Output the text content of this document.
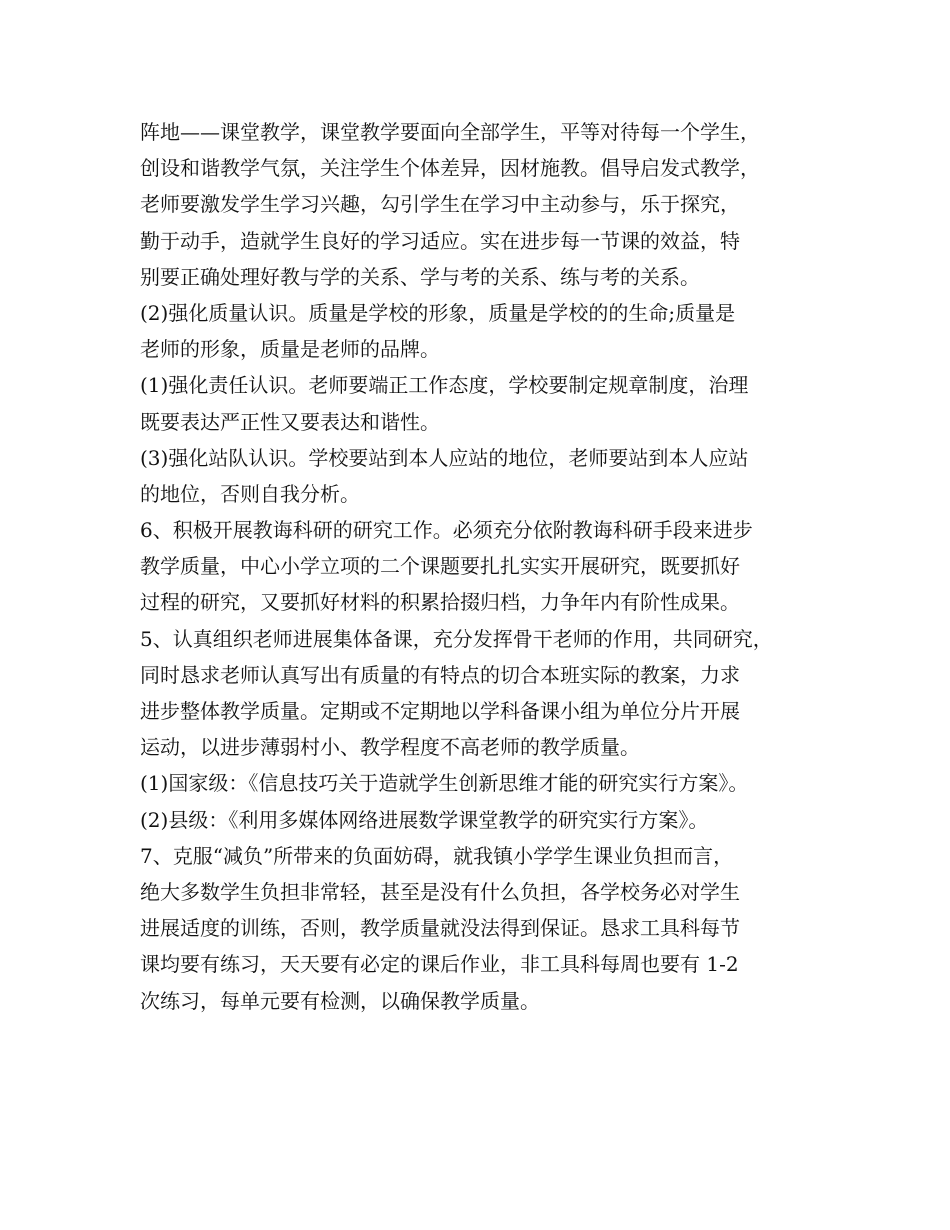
阵地——课堂教学，课堂教学要面向全部学生，平等对待每一个学生，
创设和谐教学气氛，关注学生个体差异，因材施教。倡导启发式教学，
老师要激发学生学习兴趣，勾引学生在学习中主动参与，乐于探究，
勤于动手，造就学生良好的学习适应。实在进步每一节课的效益，特
别要正确处理好教与学的关系、学与考的关系、练与考的关系。
(2)强化质量认识。质量是学校的形象，质量是学校的的生命;质量是
老师的形象，质量是老师的品牌。
(1)强化责任认识。老师要端正工作态度，学校要制定规章制度，治理
既要表达严正性又要表达和谐性。
(3)强化站队认识。学校要站到本人应站的地位，老师要站到本人应站
的地位，否则自我分析。
6、积极开展教诲科研的研究工作。必须充分依附教诲科研手段来进步
教学质量，中心小学立项的二个课题要扎扎实实开展研究，既要抓好
过程的研究，又要抓好材料的积累拾掇归档，力争年内有阶性成果。
5、认真组织老师进展集体备课，充分发挥骨干老师的作用，共同研究，
同时恳求老师认真写出有质量的有特点的切合本班实际的教案，力求
进步整体教学质量。定期或不定期地以学科备课小组为单位分片开展
运动，以进步薄弱村小、教学程度不高老师的教学质量。
(1)国家级：《信息技巧关于造就学生创新思维才能的研究实行方案》。
(2)县级：《利用多媒体网络进展数学课堂教学的研究实行方案》。
7、克服“减负”所带来的负面妨碍，就我镇小学学生课业负担而言，
绝大多数学生负担非常轻，甚至是没有什么负担，各学校务必对学生
进展适度的训练，否则，教学质量就没法得到保证。恳求工具科每节
课均要有练习，天天要有必定的课后作业，非工具科每周也要有 1-2
次练习，每单元要有检测，以确保教学质量。
